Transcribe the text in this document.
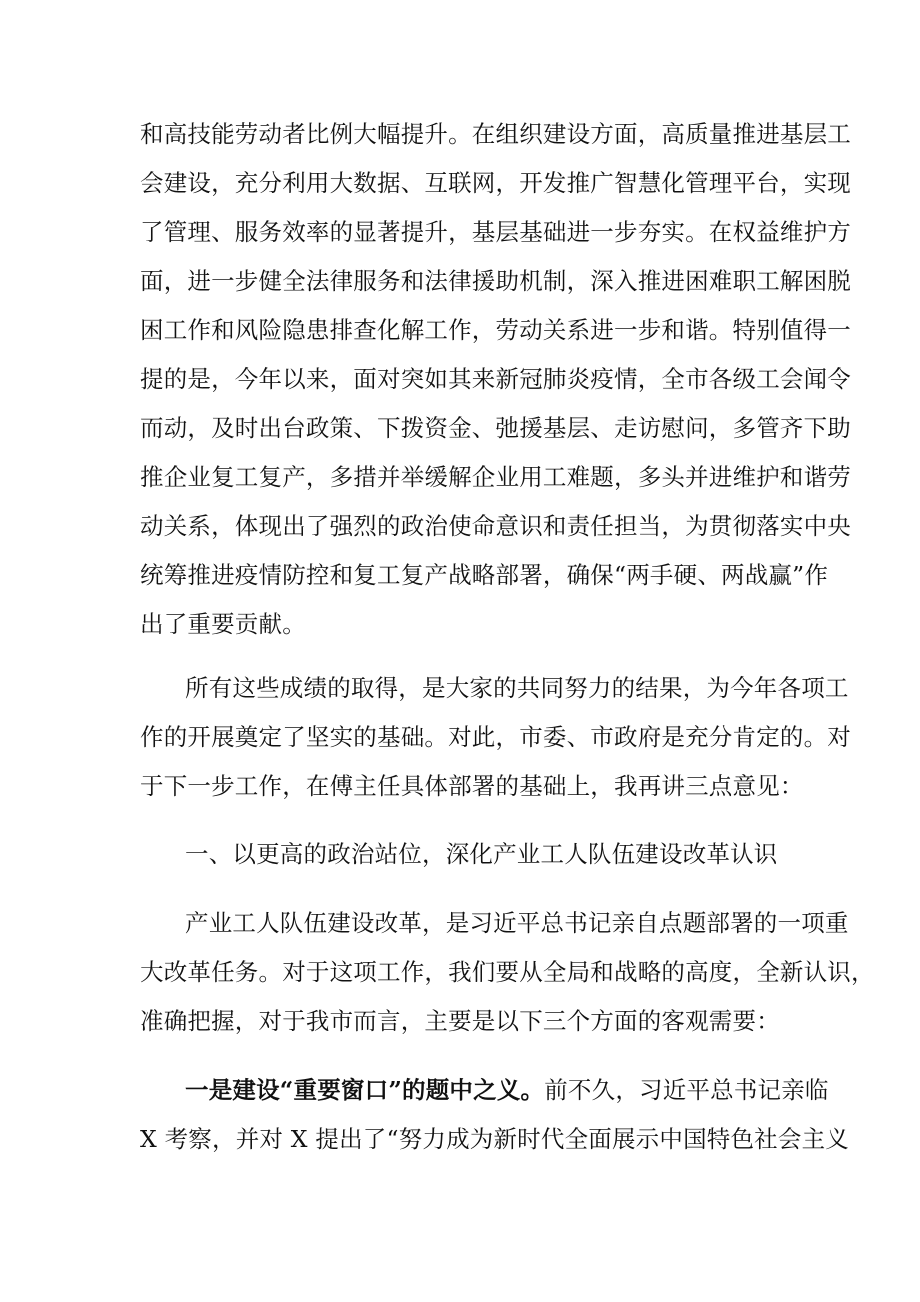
和高技能劳动者比例大幅提升。在组织建设方面，高质量推进基层工
会建设，充分利用大数据、互联网，开发推广智慧化管理平台，实现
了管理、服务效率的显著提升，基层基础进一步夯实。在权益维护方
面，进一步健全法律服务和法律援助机制，深入推进困难职工解困脱
困工作和风险隐患排查化解工作，劳动关系进一步和谐。特别值得一
提的是，今年以来，面对突如其来新冠肺炎疫情，全市各级工会闻令
而动，及时出台政策、下拨资金、弛援基层、走访慰问，多管齐下助
推企业复工复产，多措并举缓解企业用工难题，多头并进维护和谐劳
动关系，体现出了强烈的政治使命意识和责任担当，为贯彻落实中央
统筹推进疫情防控和复工复产战略部署，确保“两手硬、两战赢”作
出了重要贡献。
所有这些成绩的取得，是大家的共同努力的结果，为今年各项工
作的开展奠定了坚实的基础。对此，市委、市政府是充分肯定的。对
于下一步工作，在傅主任具体部署的基础上，我再讲三点意见：
一、以更高的政治站位，深化产业工人队伍建设改革认识
产业工人队伍建设改革，是习近平总书记亲自点题部署的一项重
大改革任务。对于这项工作，我们要从全局和战略的高度，全新认识，
准确把握，对于我市而言，主要是以下三个方面的客观需要：
一是建设“重要窗口”的题中之义。前不久，习近平总书记亲临
X 考察，并对 X 提出了“努力成为新时代全面展示中国特色社会主义
